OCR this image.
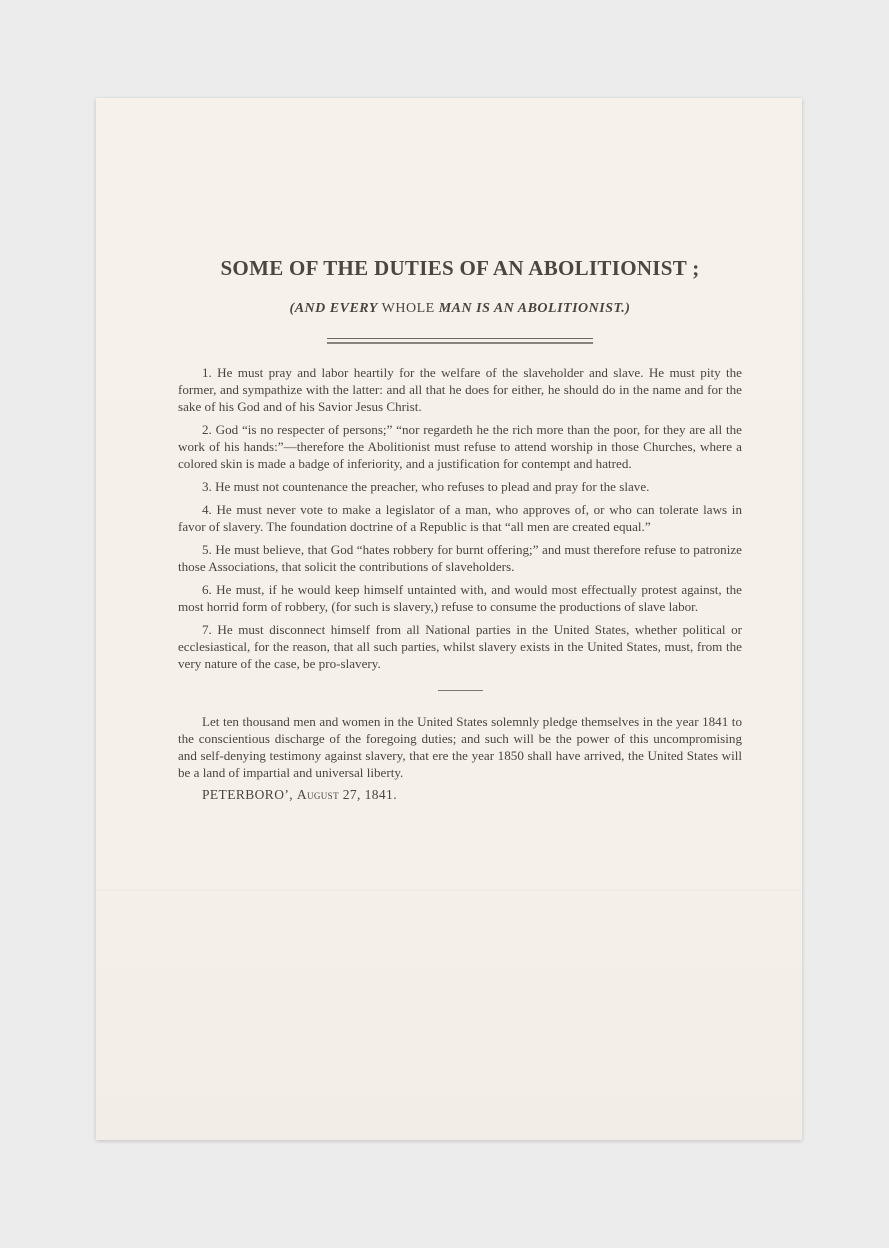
SOME OF THE DUTIES OF AN ABOLITIONIST ;
(AND EVERY WHOLE MAN IS AN ABOLITIONIST.)

1. He must pray and labor heartily for the welfare of the slaveholder and slave. He must pity the former, and sympathize with the latter: and all that he does for either, he should do in the name and for the sake of his God and of his Savior Jesus Christ.

2. God “is no respecter of persons;” “nor regardeth he the rich more than the poor, for they are all the work of his hands:”—therefore the Abolitionist must refuse to attend worship in those Churches, where a colored skin is made a badge of inferiority, and a justification for contempt and hatred.

3. He must not countenance the preacher, who refuses to plead and pray for the slave.

4. He must never vote to make a legislator of a man, who approves of, or who can tolerate laws in favor of slavery. The foundation doctrine of a Republic is that “all men are created equal.”

5. He must believe, that God “hates robbery for burnt offering;” and must therefore refuse to patronize those Associations, that solicit the contributions of slaveholders.

6. He must, if he would keep himself untainted with, and would most effectually protest against, the most horrid form of robbery, (for such is slavery,) refuse to consume the productions of slave labor.

7. He must disconnect himself from all National parties in the United States, whether political or ecclesiastical, for the reason, that all such parties, whilst slavery exists in the United States, must, from the very nature of the case, be pro-slavery.

Let ten thousand men and women in the United States solemnly pledge themselves in the year 1841 to the conscientious discharge of the foregoing duties; and such will be the power of this uncompromising and self-denying testimony against slavery, that ere the year 1850 shall have arrived, the United States will be a land of impartial and universal liberty.

PETERBORO’, August 27, 1841.
